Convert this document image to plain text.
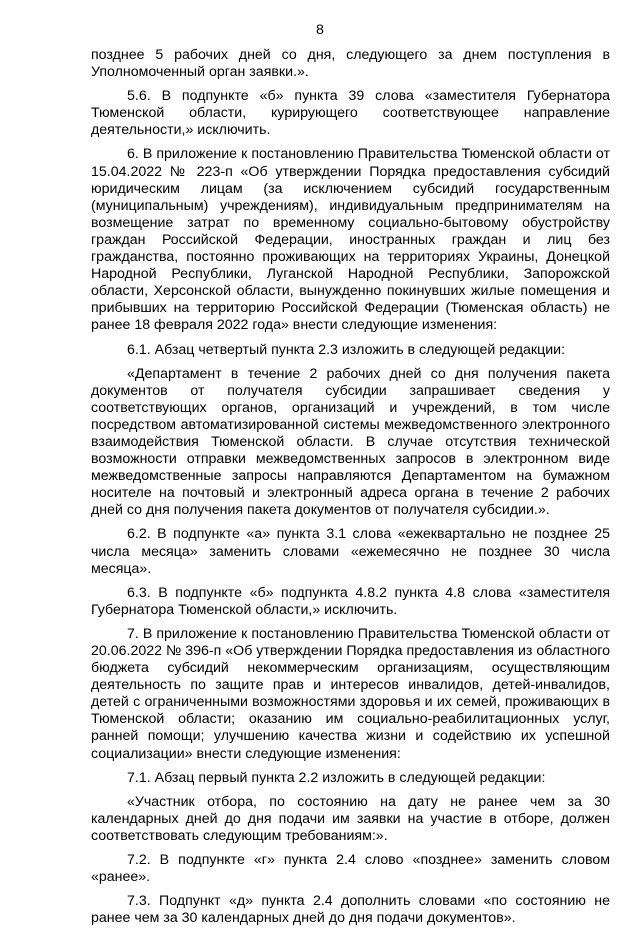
8

позднее 5 рабочих дней со дня, следующего за днем поступления в Уполномоченный орган заявки.».

5.6. В подпункте «б» пункта 39 слова «заместителя Губернатора Тюменской области, курирующего соответствующее направление деятельности,» исключить.

6. В приложение к постановлению Правительства Тюменской области от 15.04.2022 № 223-п «Об утверждении Порядка предоставления субсидий юридическим лицам (за исключением субсидий государственным (муниципальным) учреждениям), индивидуальным предпринимателям на возмещение затрат по временному социально-бытовому обустройству граждан Российской Федерации, иностранных граждан и лиц без гражданства, постоянно проживающих на территориях Украины, Донецкой Народной Республики, Луганской Народной Республики, Запорожской области, Херсонской области, вынужденно покинувших жилые помещения и прибывших на территорию Российской Федерации (Тюменская область) не ранее 18 февраля 2022 года» внести следующие изменения:

6.1. Абзац четвертый пункта 2.3 изложить в следующей редакции:

«Департамент в течение 2 рабочих дней со дня получения пакета документов от получателя субсидии запрашивает сведения у соответствующих органов, организаций и учреждений, в том числе посредством автоматизированной системы межведомственного электронного взаимодействия Тюменской области. В случае отсутствия технической возможности отправки межведомственных запросов в электронном виде межведомственные запросы направляются Департаментом на бумажном носителе на почтовый и электронный адреса органа в течение 2 рабочих дней со дня получения пакета документов от получателя субсидии.».

6.2. В подпункте «а» пункта 3.1 слова «ежеквартально не позднее 25 числа месяца» заменить словами «ежемесячно не позднее 30 числа месяца».

6.3. В подпункте «б» подпункта 4.8.2 пункта 4.8 слова «заместителя Губернатора Тюменской области,» исключить.

7. В приложение к постановлению Правительства Тюменской области от 20.06.2022 № 396-п «Об утверждении Порядка предоставления из областного бюджета субсидий некоммерческим организациям, осуществляющим деятельность по защите прав и интересов инвалидов, детей-инвалидов, детей с ограниченными возможностями здоровья и их семей, проживающих в Тюменской области; оказанию им социально-реабилитационных услуг, ранней помощи; улучшению качества жизни и содействию их успешной социализации» внести следующие изменения:

7.1. Абзац первый пункта 2.2 изложить в следующей редакции:

«Участник отбора, по состоянию на дату не ранее чем за 30 календарных дней до дня подачи им заявки на участие в отборе, должен соответствовать следующим требованиям:».

7.2. В подпункте «г» пункта 2.4 слово «позднее» заменить словом «ранее».

7.3. Подпункт «д» пункта 2.4 дополнить словами «по состоянию не ранее чем за 30 календарных дней до дня подачи документов».
